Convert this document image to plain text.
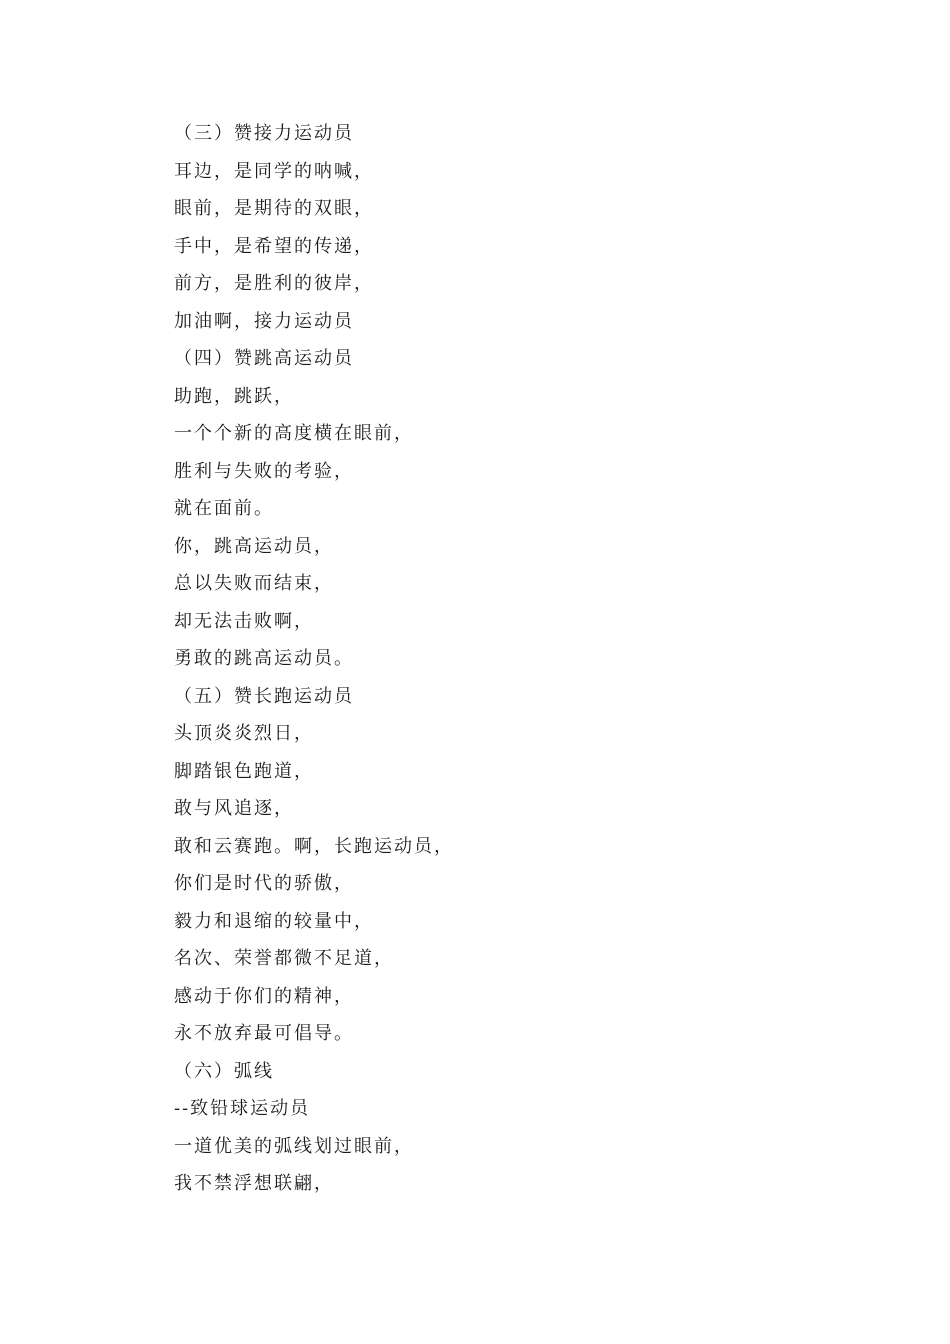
（三）赞接力运动员
耳边，是同学的呐喊，
眼前，是期待的双眼，
手中，是希望的传递，
前方，是胜利的彼岸，
加油啊，接力运动员
（四）赞跳高运动员
助跑，跳跃，
一个个新的高度横在眼前，
胜利与失败的考验，
就在面前。
你，跳高运动员，
总以失败而结束，
却无法击败啊，
勇敢的跳高运动员。
（五）赞长跑运动员
头顶炎炎烈日，
脚踏银色跑道，
敢与风追逐，
敢和云赛跑。啊，长跑运动员，
你们是时代的骄傲，
毅力和退缩的较量中，
名次、荣誉都微不足道，
感动于你们的精神，
永不放弃最可倡导。
（六）弧线
--致铅球运动员
一道优美的弧线划过眼前，
我不禁浮想联翩，
